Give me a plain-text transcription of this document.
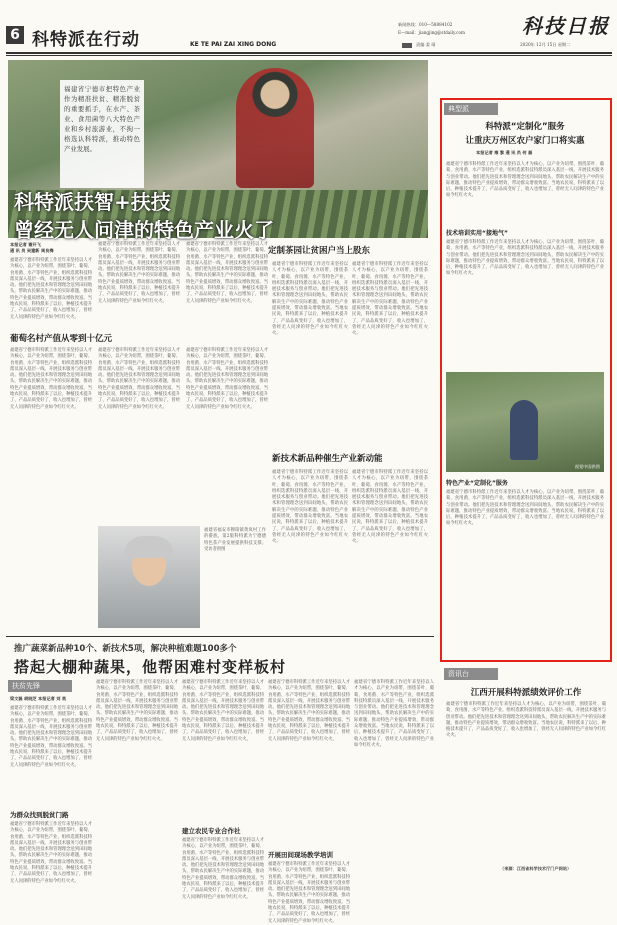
6 科特派在行动	KE TE PAI ZAI XING DONG
新闻热线：010—58884102
E—mail：jiangjing@stdaily.com	科技日报
责编 姜 靖	2020年 12月 15日 星期二
福建省宁德市把特色产业作为精准扶贫、精准脱贫的重要抓手，在水产、茶业、食用菌等八大特色产业和乡村旅游业，不拘一格选认科特派，推动特色产业发展。
科特派扶智+扶技
曾经无人问津的特色产业火了
本报记者 谢开飞
通 讯 员 吴建新 周良梅
福建省宁德市科特派工作近年来坚持以人才为核心，以产业为纽带，围绕茶叶、葡萄、食用菌、水产等特色产业，组织选派科技特派员深入基层一线，开展技术服务与创业带动。他们把先进技术和管理理念送到田间地头，帮助农民解决生产中的实际难题，推动特色产业提质增效，带动群众增收致富。当地农民说，科特派来了以后，种植技术提升了，产品品质变好了，收入也增加了，曾经无人问津的特色产业如今红红火火。
葡萄名村产值从零到十亿元
福建省宁德市科特派工作近年来坚持以人才为核心，以产业为纽带，围绕茶叶、葡萄、食用菌、水产等特色产业，组织选派科技特派员深入基层一线，开展技术服务与创业带动。他们把先进技术和管理理念送到田间地头，帮助农民解决生产中的实际难题，推动特色产业提质增效，带动群众增收致富。当地农民说，科特派来了以后，种植技术提升了，产品品质变好了，收入也增加了，曾经无人问津的特色产业如今红红火火。
福建省宁德市科特派工作近年来坚持以人才为核心，以产业为纽带，围绕茶叶、葡萄、食用菌、水产等特色产业，组织选派科技特派员深入基层一线，开展技术服务与创业带动。他们把先进技术和管理理念送到田间地头，帮助农民解决生产中的实际难题，推动特色产业提质增效，带动群众增收致富。当地农民说，科特派来了以后，种植技术提升了，产品品质变好了，收入也增加了，曾经无人问津的特色产业如今红红火火。
福建省宁德市科特派工作近年来坚持以人才为核心，以产业为纽带，围绕茶叶、葡萄、食用菌、水产等特色产业，组织选派科技特派员深入基层一线，开展技术服务与创业带动。他们把先进技术和管理理念送到田间地头，帮助农民解决生产中的实际难题，推动特色产业提质增效，带动群众增收致富。当地农民说，科特派来了以后，种植技术提升了，产品品质变好了，收入也增加了，曾经无人问津的特色产业如今红红火火。
福建省宁德市科特派工作近年来坚持以人才为核心，以产业为纽带，围绕茶叶、葡萄、食用菌、水产等特色产业，组织选派科技特派员深入基层一线，开展技术服务与创业带动。他们把先进技术和管理理念送到田间地头，帮助农民解决生产中的实际难题，推动特色产业提质增效，带动群众增收致富。当地农民说，科特派来了以后，种植技术提升了，产品品质变好了，收入也增加了，曾经无人问津的特色产业如今红红火火。
福建省宁德市科特派工作近年来坚持以人才为核心，以产业为纽带，围绕茶叶、葡萄、食用菌、水产等特色产业，组织选派科技特派员深入基层一线，开展技术服务与创业带动。他们把先进技术和管理理念送到田间地头，帮助农民解决生产中的实际难题，推动特色产业提质增效，带动群众增收致富。当地农民说，科特派来了以后，种植技术提升了，产品品质变好了，收入也增加了，曾经无人问津的特色产业如今红红火火。
定制茶园让贫困户当上股东
福建省宁德市科特派工作近年来坚持以人才为核心，以产业为纽带，围绕茶叶、葡萄、食用菌、水产等特色产业，组织选派科技特派员深入基层一线，开展技术服务与创业带动。他们把先进技术和管理理念送到田间地头，帮助农民解决生产中的实际难题，推动特色产业提质增效，带动群众增收致富。当地农民说，科特派来了以后，种植技术提升了，产品品质变好了，收入也增加了，曾经无人问津的特色产业如今红红火火。
福建省宁德市科特派工作近年来坚持以人才为核心，以产业为纽带，围绕茶叶、葡萄、食用菌、水产等特色产业，组织选派科技特派员深入基层一线，开展技术服务与创业带动。他们把先进技术和管理理念送到田间地头，帮助农民解决生产中的实际难题，推动特色产业提质增效，带动群众增收致富。当地农民说，科特派来了以后，种植技术提升了，产品品质变好了，收入也增加了，曾经无人问津的特色产业如今红红火火。
新技术新品种催生产业新动能
福建省宁德市科特派工作近年来坚持以人才为核心，以产业为纽带，围绕茶叶、葡萄、食用菌、水产等特色产业，组织选派科技特派员深入基层一线，开展技术服务与创业带动。他们把先进技术和管理理念送到田间地头，帮助农民解决生产中的实际难题，推动特色产业提质增效，带动群众增收致富。当地农民说，科特派来了以后，种植技术提升了，产品品质变好了，收入也增加了，曾经无人问津的特色产业如今红红火火。
福建省宁德市科特派工作近年来坚持以人才为核心，以产业为纽带，围绕茶叶、葡萄、食用菌、水产等特色产业，组织选派科技特派员深入基层一线，开展技术服务与创业带动。他们把先进技术和管理理念送到田间地头，帮助农民解决生产中的实际难题，推动特色产业提质增效，带动群众增收致富。当地农民说，科特派来了以后，种植技术提升了，产品品质变好了，收入也增加了，曾经无人问津的特色产业如今红红火火。
福建省福安市穆阳镇黄岚村工作的畲族。第2版科特派为宁德德特色茶产业发展提供科技支撑。 受访者供图
典型派
科特派“定制化”服务
让重庆万州区农户家门口将实惠
本报记者 雍 黎 通 讯 员 何 磊
福建省宁德市科特派工作近年来坚持以人才为核心，以产业为纽带，围绕茶叶、葡萄、食用菌、水产等特色产业，组织选派科技特派员深入基层一线，开展技术服务与创业带动。他们把先进技术和管理理念送到田间地头，帮助农民解决生产中的实际难题，推动特色产业提质增效，带动群众增收致富。当地农民说，科特派来了以后，种植技术提升了，产品品质变好了，收入也增加了，曾经无人问津的特色产业如今红红火火。
技术培训实用“接地气”
福建省宁德市科特派工作近年来坚持以人才为核心，以产业为纽带，围绕茶叶、葡萄、食用菌、水产等特色产业，组织选派科技特派员深入基层一线，开展技术服务与创业带动。他们把先进技术和管理理念送到田间地头，帮助农民解决生产中的实际难题，推动特色产业提质增效，带动群众增收致富。当地农民说，科特派来了以后，种植技术提升了，产品品质变好了，收入也增加了，曾经无人问津的特色产业如今红红火火。
视觉中国供图
特色产业“定制化”服务
福建省宁德市科特派工作近年来坚持以人才为核心，以产业为纽带，围绕茶叶、葡萄、食用菌、水产等特色产业，组织选派科技特派员深入基层一线，开展技术服务与创业带动。他们把先进技术和管理理念送到田间地头，帮助农民解决生产中的实际难题，推动特色产业提质增效，带动群众增收致富。当地农民说，科特派来了以后，种植技术提升了，产品品质变好了，收入也增加了，曾经无人问津的特色产业如今红红火火。
推广蔬菜新品种10个、新技术5项，解决种植难题100多个
搭起大棚种蔬果，他帮困难村变样板村
扶贫先锋
梁文磊 胡晓芝 本报记者 刘 昊
福建省宁德市科特派工作近年来坚持以人才为核心，以产业为纽带，围绕茶叶、葡萄、食用菌、水产等特色产业，组织选派科技特派员深入基层一线，开展技术服务与创业带动。他们把先进技术和管理理念送到田间地头，帮助农民解决生产中的实际难题，推动特色产业提质增效，带动群众增收致富。当地农民说，科特派来了以后，种植技术提升了，产品品质变好了，收入也增加了，曾经无人问津的特色产业如今红红火火。
为群众找到脱贫门路
福建省宁德市科特派工作近年来坚持以人才为核心，以产业为纽带，围绕茶叶、葡萄、食用菌、水产等特色产业，组织选派科技特派员深入基层一线，开展技术服务与创业带动。他们把先进技术和管理理念送到田间地头，帮助农民解决生产中的实际难题，推动特色产业提质增效，带动群众增收致富。当地农民说，科特派来了以后，种植技术提升了，产品品质变好了，收入也增加了，曾经无人问津的特色产业如今红红火火。
福建省宁德市科特派工作近年来坚持以人才为核心，以产业为纽带，围绕茶叶、葡萄、食用菌、水产等特色产业，组织选派科技特派员深入基层一线，开展技术服务与创业带动。他们把先进技术和管理理念送到田间地头，帮助农民解决生产中的实际难题，推动特色产业提质增效，带动群众增收致富。当地农民说，科特派来了以后，种植技术提升了，产品品质变好了，收入也增加了，曾经无人问津的特色产业如今红红火火。
福建省宁德市科特派工作近年来坚持以人才为核心，以产业为纽带，围绕茶叶、葡萄、食用菌、水产等特色产业，组织选派科技特派员深入基层一线，开展技术服务与创业带动。他们把先进技术和管理理念送到田间地头，帮助农民解决生产中的实际难题，推动特色产业提质增效，带动群众增收致富。当地农民说，科特派来了以后，种植技术提升了，产品品质变好了，收入也增加了，曾经无人问津的特色产业如今红红火火。
建立农民专业合作社
福建省宁德市科特派工作近年来坚持以人才为核心，以产业为纽带，围绕茶叶、葡萄、食用菌、水产等特色产业，组织选派科技特派员深入基层一线，开展技术服务与创业带动。他们把先进技术和管理理念送到田间地头，帮助农民解决生产中的实际难题，推动特色产业提质增效，带动群众增收致富。当地农民说，科特派来了以后，种植技术提升了，产品品质变好了，收入也增加了，曾经无人问津的特色产业如今红红火火。
福建省宁德市科特派工作近年来坚持以人才为核心，以产业为纽带，围绕茶叶、葡萄、食用菌、水产等特色产业，组织选派科技特派员深入基层一线，开展技术服务与创业带动。他们把先进技术和管理理念送到田间地头，帮助农民解决生产中的实际难题，推动特色产业提质增效，带动群众增收致富。当地农民说，科特派来了以后，种植技术提升了，产品品质变好了，收入也增加了，曾经无人问津的特色产业如今红红火火。
开展田间现场教学培训
福建省宁德市科特派工作近年来坚持以人才为核心，以产业为纽带，围绕茶叶、葡萄、食用菌、水产等特色产业，组织选派科技特派员深入基层一线，开展技术服务与创业带动。他们把先进技术和管理理念送到田间地头，帮助农民解决生产中的实际难题，推动特色产业提质增效，带动群众增收致富。当地农民说，科特派来了以后，种植技术提升了，产品品质变好了，收入也增加了，曾经无人问津的特色产业如今红红火火。
福建省宁德市科特派工作近年来坚持以人才为核心，以产业为纽带，围绕茶叶、葡萄、食用菌、水产等特色产业，组织选派科技特派员深入基层一线，开展技术服务与创业带动。他们把先进技术和管理理念送到田间地头，帮助农民解决生产中的实际难题，推动特色产业提质增效，带动群众增收致富。当地农民说，科特派来了以后，种植技术提升了，产品品质变好了，收入也增加了，曾经无人问津的特色产业如今红红火火。
资讯台
江西开展科特派绩效评价工作
福建省宁德市科特派工作近年来坚持以人才为核心，以产业为纽带，围绕茶叶、葡萄、食用菌、水产等特色产业，组织选派科技特派员深入基层一线，开展技术服务与创业带动。他们把先进技术和管理理念送到田间地头，帮助农民解决生产中的实际难题，推动特色产业提质增效，带动群众增收致富。当地农民说，科特派来了以后，种植技术提升了，产品品质变好了，收入也增加了，曾经无人问津的特色产业如今红红火火。
（来源：江西省科学技术厅门户网站）
